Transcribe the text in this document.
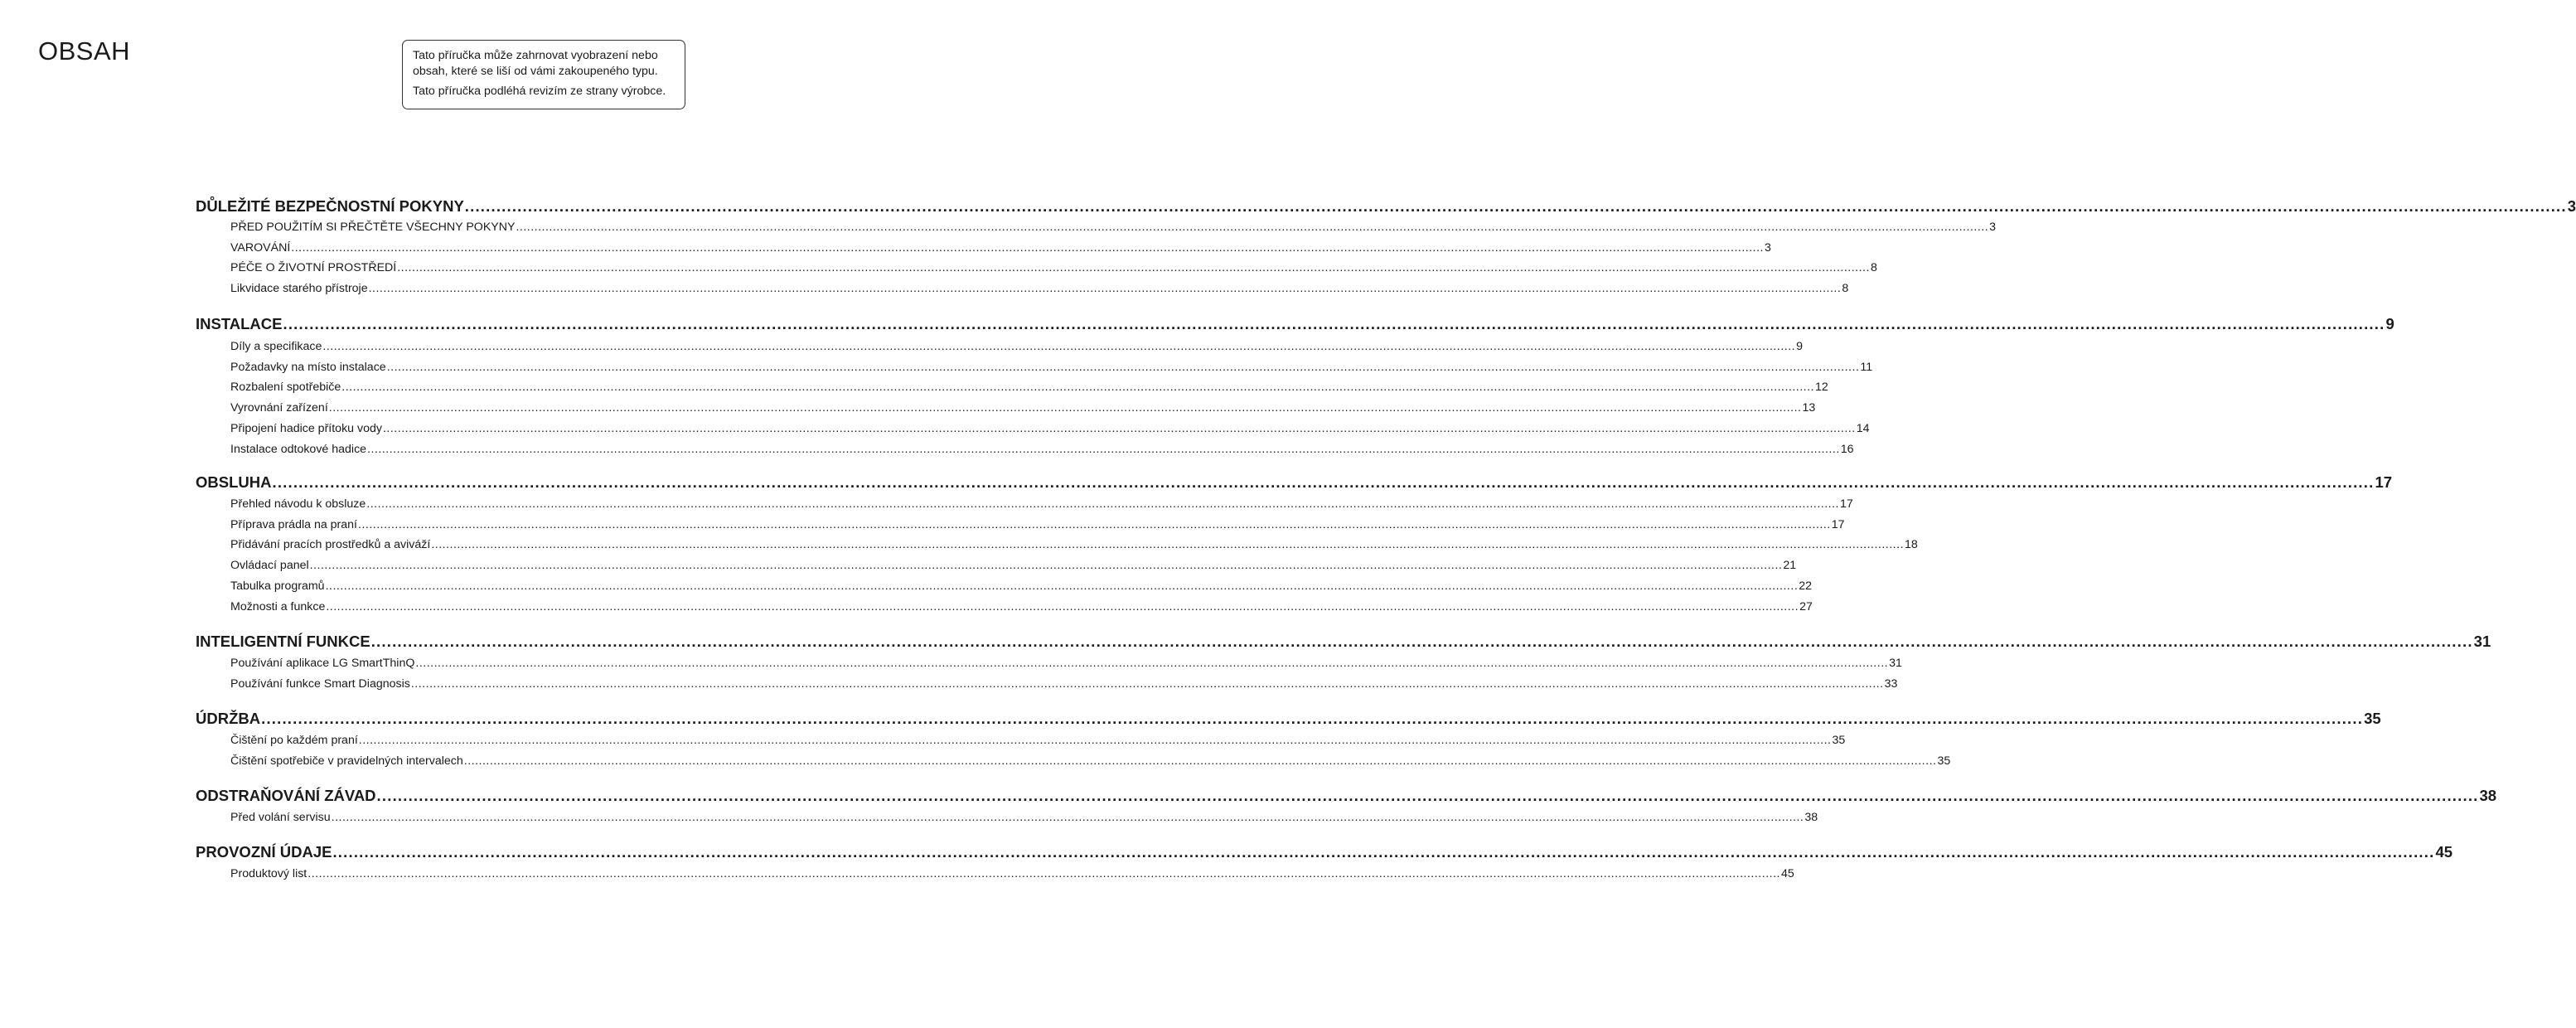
OBSAH	Tato příručka může zahrnovat vyobrazení nebo obsah, které se liší od vámi zakoupeného typu.

Tato příručka podléhá revizím ze strany výrobce.

DŮLEŽITÉ BEZPEČNOSTNÍ POKYNY ................................................................................................................................................................................................................................................................................................................................................................................................................ 3
PŘED POUŽITÍM SI PŘEČTĚTE VŠECHNY POKYNY ................................................................................................................................................................................................................................................................................................................................................................................................................ 3
VAROVÁNÍ ................................................................................................................................................................................................................................................................................................................................................................................................................ 3
PÉČE O ŽIVOTNÍ PROSTŘEDÍ ................................................................................................................................................................................................................................................................................................................................................................................................................ 8
Likvidace starého přístroje ................................................................................................................................................................................................................................................................................................................................................................................................................ 8
INSTALACE ................................................................................................................................................................................................................................................................................................................................................................................................................ 9
Díly a specifikace ................................................................................................................................................................................................................................................................................................................................................................................................................ 9
Požadavky na místo instalace ................................................................................................................................................................................................................................................................................................................................................................................................................ 11
Rozbalení spotřebiče ................................................................................................................................................................................................................................................................................................................................................................................................................ 12
Vyrovnání zařízení ................................................................................................................................................................................................................................................................................................................................................................................................................ 13
Připojení hadice přítoku vody ................................................................................................................................................................................................................................................................................................................................................................................................................ 14
Instalace odtokové hadice ................................................................................................................................................................................................................................................................................................................................................................................................................ 16
OBSLUHA ................................................................................................................................................................................................................................................................................................................................................................................................................ 17
Přehled návodu k obsluze ................................................................................................................................................................................................................................................................................................................................................................................................................ 17
Příprava prádla na praní ................................................................................................................................................................................................................................................................................................................................................................................................................ 17
Přidávání pracích prostředků a aviváží ................................................................................................................................................................................................................................................................................................................................................................................................................ 18
Ovládací panel ................................................................................................................................................................................................................................................................................................................................................................................................................ 21
Tabulka programů ................................................................................................................................................................................................................................................................................................................................................................................................................ 22
Možnosti a funkce ................................................................................................................................................................................................................................................................................................................................................................................................................ 27
INTELIGENTNÍ FUNKCE ................................................................................................................................................................................................................................................................................................................................................................................................................ 31
Používání aplikace LG SmartThinQ ................................................................................................................................................................................................................................................................................................................................................................................................................ 31
Používání funkce Smart Diagnosis ................................................................................................................................................................................................................................................................................................................................................................................................................ 33
ÚDRŽBA ................................................................................................................................................................................................................................................................................................................................................................................................................ 35
Čištění po každém praní ................................................................................................................................................................................................................................................................................................................................................................................................................ 35
Čištění spotřebiče v pravidelných intervalech ................................................................................................................................................................................................................................................................................................................................................................................................................ 35
ODSTRAŇOVÁNÍ ZÁVAD ................................................................................................................................................................................................................................................................................................................................................................................................................ 38
Před volání servisu ................................................................................................................................................................................................................................................................................................................................................................................................................ 38
PROVOZNÍ ÚDAJE ................................................................................................................................................................................................................................................................................................................................................................................................................ 45
Produktový list ................................................................................................................................................................................................................................................................................................................................................................................................................ 45
